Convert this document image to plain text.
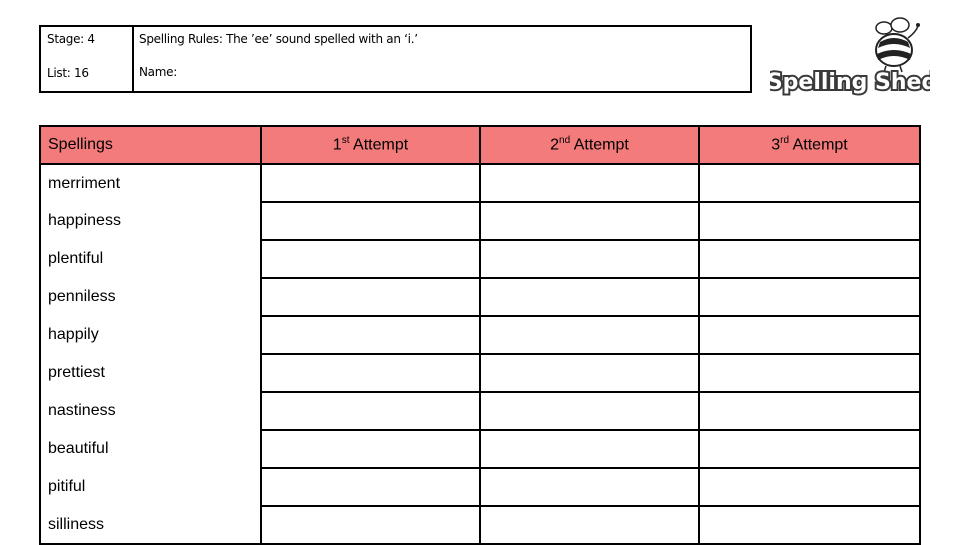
Stage: 4	Spelling Rules: The ’ee’ sound spelled with an ‘i.’
List: 16	Name:	Spelling Shed
Spellings	1st Attempt	2nd Attempt	3rd Attempt
merriment			
happiness			
plentiful			
penniless			
happily			
prettiest			
nastiness			
beautiful			
pitiful			
silliness			
